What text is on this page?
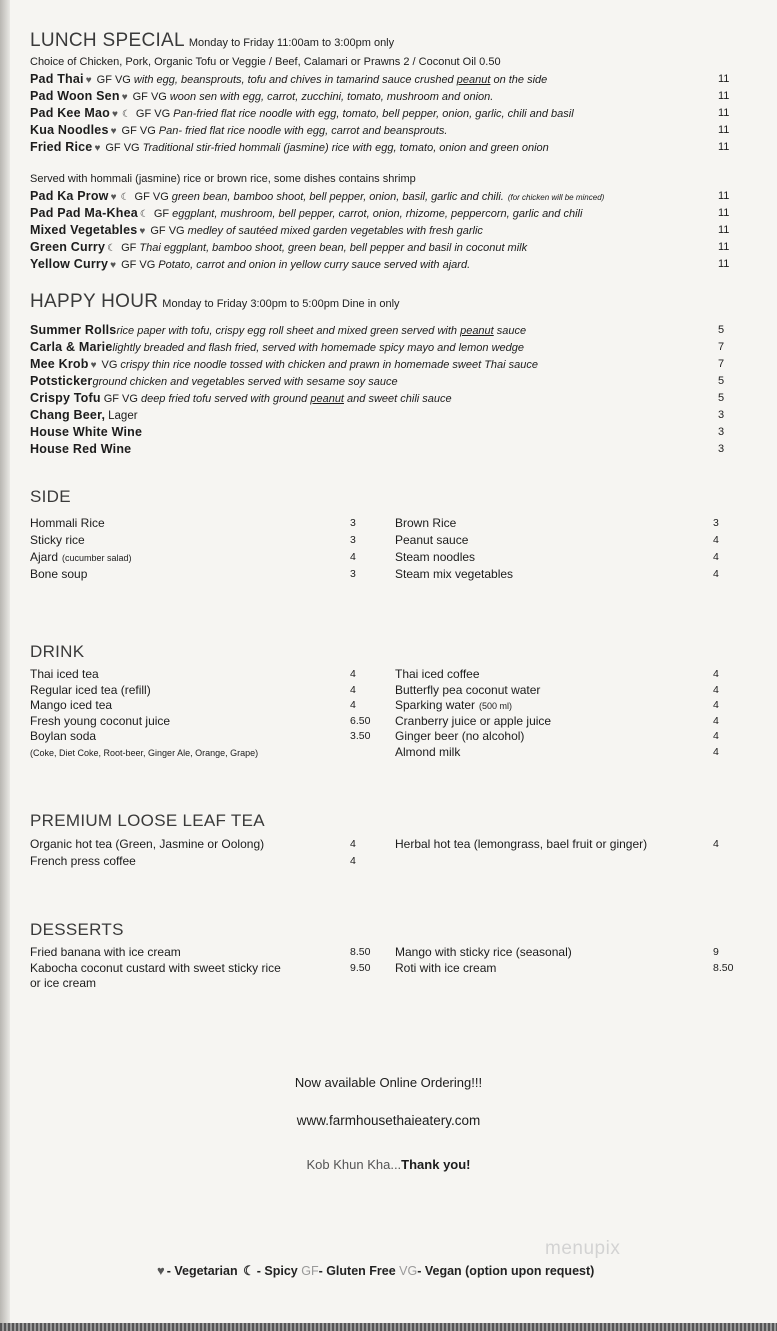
LUNCH SPECIAL Monday to Friday 11:00am to 3:00pm only
Choice of Chicken, Pork, Organic Tofu or Veggie / Beef, Calamari or Prawns 2 / Coconut Oil 0.50
Pad Thai ♥ GF VG with egg, beansprouts, tofu and chives in tamarind sauce crushed peanut on the side	11
Pad Woon Sen ♥ GF VG woon sen with egg, carrot, zucchini, tomato, mushroom and onion.	11
Pad Kee Mao ♥ ☾ GF VG Pan-fried flat rice noodle with egg, tomato, bell pepper, onion, garlic, chili and basil	11
Kua Noodles ♥ GF VG Pan- fried flat rice noodle with egg, carrot and beansprouts.	11
Fried Rice ♥ GF VG Traditional stir-fried hommali (jasmine) rice with egg, tomato, onion and green onion	11
Served with hommali (jasmine) rice or brown rice, some dishes contains shrimp
Pad Ka Prow ♥ ☾ GF VG green bean, bamboo shoot, bell pepper, onion, basil, garlic and chili. (for chicken will be minced)	11
Pad Pad Ma-Khea ☾ GF eggplant, mushroom, bell pepper, carrot, onion, rhizome, peppercorn, garlic and chili	11
Mixed Vegetables ♥ GF VG medley of sautéed mixed garden vegetables with fresh garlic	11
Green Curry ☾ GF Thai eggplant, bamboo shoot, green bean, bell pepper and basil in coconut milk	11
Yellow Curry ♥ GF VG Potato, carrot and onion in yellow curry sauce served with ajard.	11
HAPPY HOUR Monday to Friday 3:00pm to 5:00pm Dine in only
Summer Rollsrice paper with tofu, crispy egg roll sheet and mixed green served with peanut sauce	5
Carla & Marielightly breaded and flash fried, served with homemade spicy mayo and lemon wedge	7
Mee Krob ♥ VG crispy thin rice noodle tossed with chicken and prawn in homemade sweet Thai sauce	7
Potstickerground chicken and vegetables served with sesame soy sauce	5
Crispy Tofu GF VG deep fried tofu served with ground peanut and sweet chili sauce	5
Chang Beer, Lager	3
House White Wine	3
House Red Wine	3
SIDE
Hommali Rice	3
Sticky rice	3
Ajard (cucumber salad)	4
Bone soup	3
Brown Rice	3
Peanut sauce	4
Steam noodles	4
Steam mix vegetables	4
DRINK
Thai iced tea	4
Regular iced tea (refill)	4
Mango iced tea	4
Fresh young coconut juice	6.50
Boylan soda	3.50
(Coke, Diet Coke, Root-beer, Ginger Ale, Orange, Grape)
Thai iced coffee	4
Butterfly pea coconut water	4
Sparking water (500 ml)	4
Cranberry juice or apple juice	4
Ginger beer (no alcohol)	4
Almond milk	4
PREMIUM LOOSE LEAF TEA
Organic hot tea (Green, Jasmine or Oolong)	4
French press coffee	4
Herbal hot tea (lemongrass, bael fruit or ginger)	4
DESSERTS
Fried banana with ice cream	8.50
Kabocha coconut custard with sweet sticky rice	9.50
or ice cream
Mango with sticky rice (seasonal)	9
Roti with ice cream	8.50
Now available Online Ordering!!!
www.farmhousethaieatery.com
Kob Khun Kha...Thank you!
menupix
♥ - Vegetarian ☾ - Spicy GF- Gluten Free VG- Vegan (option upon request)
